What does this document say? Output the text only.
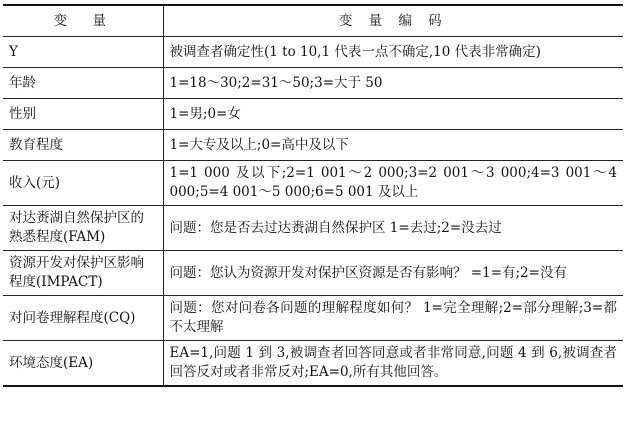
变　量	变 量 编 码
Y	被调查者确定性(1 to 10,1 代表一点不确定,10 代表非常确定)
年龄	1=18～30;2=31～50;3=大于 50
性别	1=男;0=女
教育程度	1=大专及以上;0=高中及以下
收入(元)	1=1 000 及以下;2=1 001～2 000;3=2 001～3 000;4=3 001～4 000;5=4 001～5 000;6=5 001 及以上
对达赉湖自然保护区的熟悉程度(FAM)	问题：您是否去过达赉湖自然保护区 1=去过;2=没去过
资源开发对保护区影响程度(IMPACT)	问题：您认为资源开发对保护区资源是否有影响？ =1=有;2=没有
对问卷理解程度(CQ)	问题：您对问卷各问题的理解程度如何？ 1=完全理解;2=部分理解;3=都不太理解
环境态度(EA)	EA=1,问题 1 到 3,被调查者回答同意或者非常同意,问题 4 到 6,被调查者回答反对或者非常反对;EA=0,所有其他回答。
